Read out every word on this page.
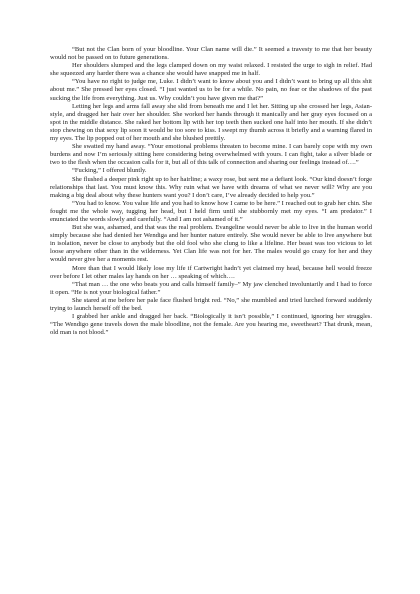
“But not the Clan born of your bloodline. Your Clan name will die.” It seemed a travesty to me that her beauty would not be passed on to future generations.

Her shoulders slumped and the legs clamped down on my waist relaxed. I resisted the urge to sigh in relief. Had she squeezed any harder there was a chance she would have snapped me in half.

“You have no right to judge me, Luke. I didn’t want to know about you and I didn’t want to bring up all this shit about me.” She pressed her eyes closed. “I just wanted us to be for a while. No pain, no fear or the shadows of the past sucking the life from everything. Just us. Why couldn’t you have given me that?”

Letting her legs and arms fall away she slid from beneath me and I let her. Sitting up she crossed her legs, Asian-style, and dragged her hair over her shoulder. She worked her hands through it manically and her gray eyes focused on a spot in the middle distance. She raked her bottom lip with her top teeth then sucked one half into her mouth. If she didn’t stop chewing on that sexy lip soon it would be too sore to kiss. I swept my thumb across it briefly and a warning flared in my eyes. The lip popped out of her mouth and she blushed prettily.

She swatted my hand away. “Your emotional problems threaten to become mine. I can barely cope with my own burdens and now I’m seriously sitting here considering being overwhelmed with yours. I can fight, take a silver blade or two to the flesh when the occasion calls for it, but all of this talk of connection and sharing our feelings instead of….”

“Fucking,” I offered bluntly.

She flushed a deeper pink right up to her hairline; a waxy rose, but sent me a defiant look. “Our kind doesn’t forge relationships that last. You must know this. Why ruin what we have with dreams of what we never will? Why are you making a big deal about why these hunters want you? I don’t care, I’ve already decided to help you.”

“You had to know. You value life and you had to know how I came to be here.” I reached out to grab her chin. She fought me the whole way, tugging her head, but I held firm until she stubbornly met my eyes. “I am predator.” I enunciated the words slowly and carefully. “And I am not ashamed of it.”

But she was, ashamed, and that was the real problem. Evangeline would never be able to live in the human world simply because she had denied her Wendiga and her hunter nature entirely. She would never be able to live anywhere but in isolation, never be close to anybody but the old fool who she clung to like a lifeline. Her beast was too vicious to let loose anywhere other than in the wilderness. Yet Clan life was not for her. The males would go crazy for her and they would never give her a moments rest.

More than that I would likely lose my life if Cartwright hadn’t yet claimed my head, because hell would freeze over before I let other males lay hands on her … speaking of which….

“That man … the one who beats you and calls himself family–” My jaw clenched involuntarily and I had to force it open. “He is not your biological father.”

She stared at me before her pale face flushed bright red. “No,” she mumbled and tried lurched forward suddenly trying to launch herself off the bed.

I grabbed her ankle and dragged her back. “Biologically it isn’t possible,” I continued, ignoring her struggles. “The Wendigo gene travels down the male bloodline, not the female. Are you hearing me, sweetheart? That drunk, mean, old man is not blood.”
